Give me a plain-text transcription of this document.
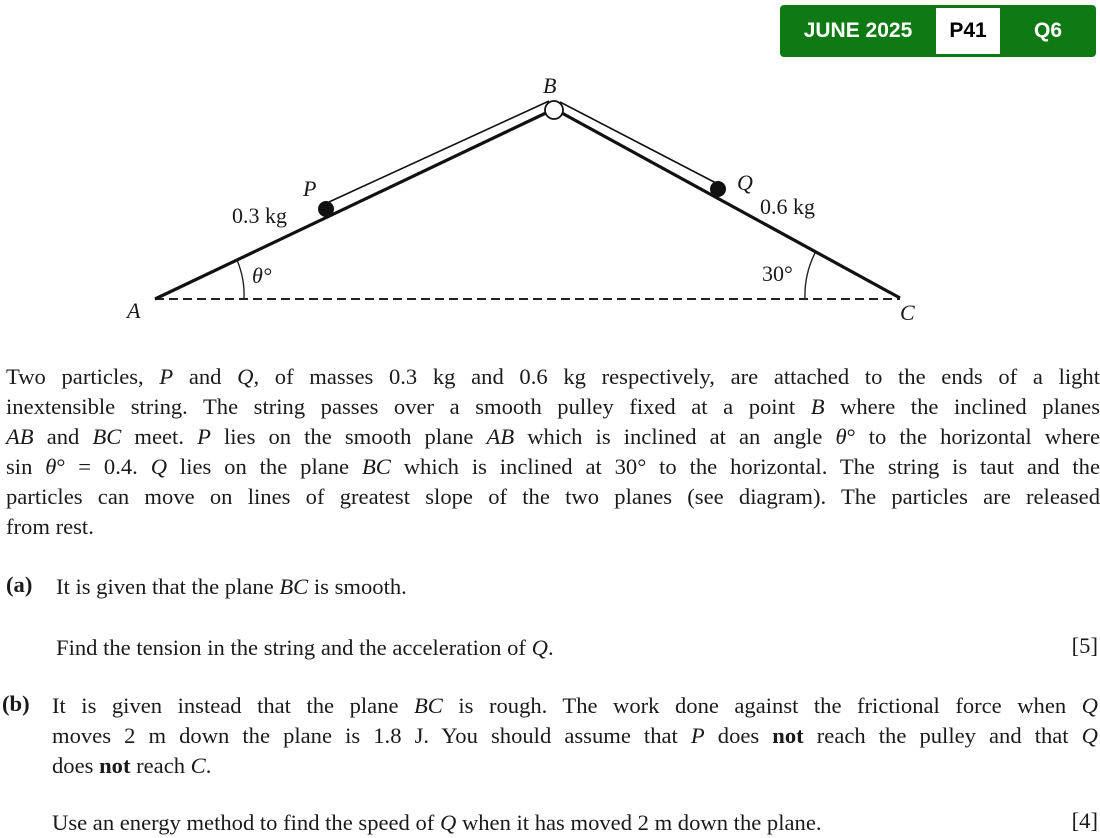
JUNE 2025	P41	Q6
B
A	C
P	Q
0.3 kg	0.6 kg
θ°	30°
Two particles, P and Q, of masses 0.3 kg and 0.6 kg respectively, are attached to the ends of a light
inextensible string. The string passes over a smooth pulley fixed at a point B where the inclined planes
AB and BC meet. P lies on the smooth plane AB which is inclined at an angle θ° to the horizontal where
sin θ° = 0.4. Q lies on the plane BC which is inclined at 30° to the horizontal. The string is taut and the
particles can move on lines of greatest slope of the two planes (see diagram). The particles are released
from rest.
(a) It is given that the plane BC is smooth.
Find the tension in the string and the acceleration of Q.	[5]
(b) It is given instead that the plane BC is rough. The work done against the frictional force when Q
moves 2 m down the plane is 1.8 J. You should assume that P does not reach the pulley and that Q
does not reach C.
Use an energy method to find the speed of Q when it has moved 2 m down the plane.	[4]
